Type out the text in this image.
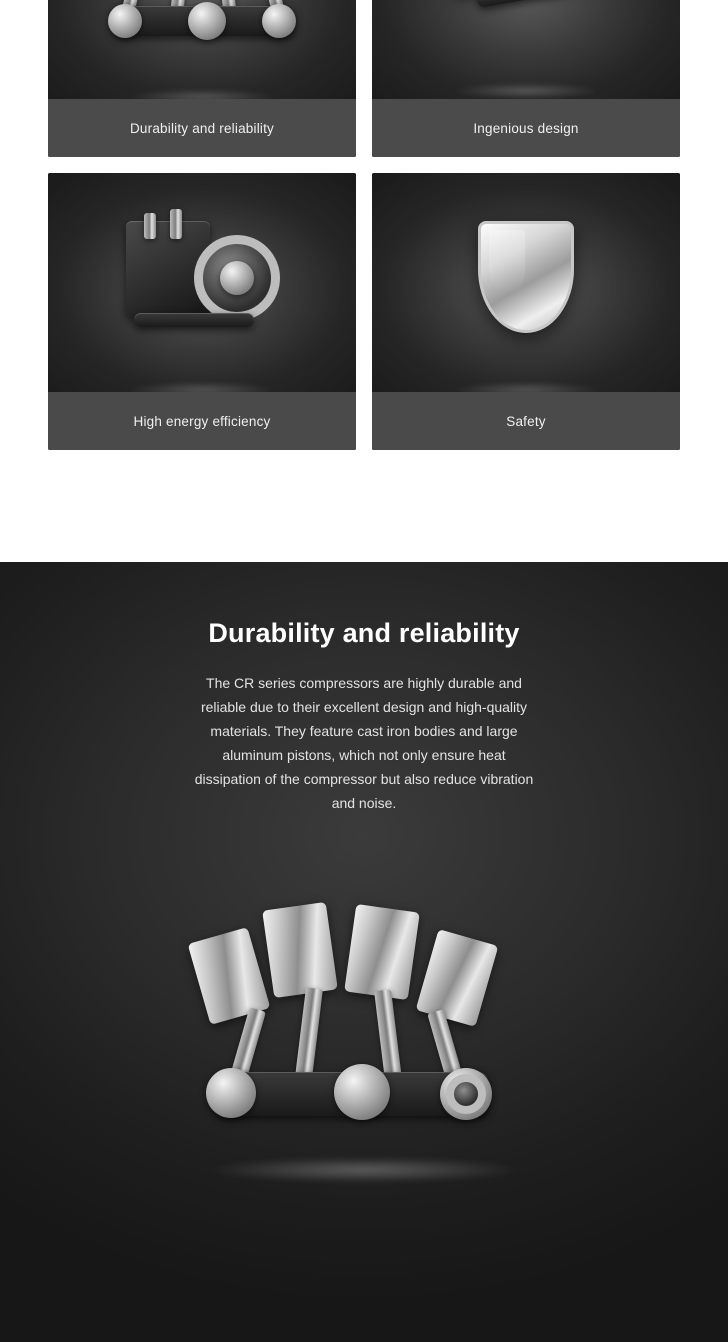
Durability and reliability	Ingenious design
High energy efficiency	Safety
Durability and reliability

The CR series compressors are highly durable and reliable due to their excellent design and high-quality materials. They feature cast iron bodies and large aluminum pistons, which not only ensure heat dissipation of the compressor but also reduce vibration and noise.
